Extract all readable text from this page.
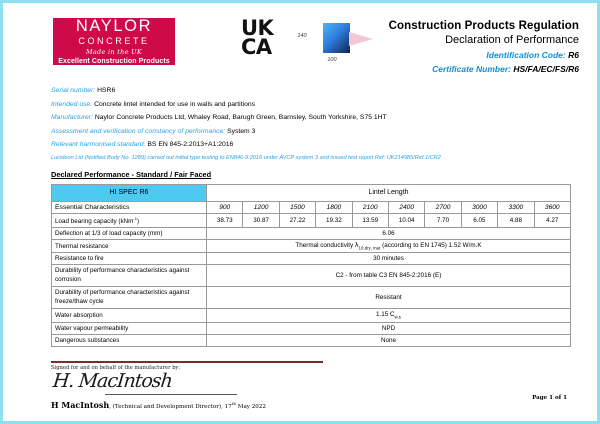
NAYLOR
CONCRETE
Made in the UK
Excellent Construction Products
UK
CA	140
100
Construction Products Regulation
Declaration of Performance
Identification Code: R6
Certificate Number: HS/FA/EC/FS/R6
Serial number: HSR6
Intended use: Concrete lintel intended for use in walls and partitions
Manufacturer: Naylor Concrete Products Ltd, Whaley Road, Barugh Green, Barnsley, South Yorkshire, S75 1HT
Assessment and verification of constancy of performance: System 3
Relevant harmonised standard: BS EN 845-2:2013+A1:2016
Lucideon Ltd (Notified Body No. 1289) carried out initial type testing to EN846-9:2016 under AVCP system 3 and issued test report Ref: UK214985/Ref.1/CR2
Declared Performance - Standard / Fair Faced
HI SPEC R6	Lintel Length									
Essential Characteristics	900	1200	1500	1800	2100	2400	2700	3000	3300	3600
Load bearing capacity (kNm$^{-1}$)	38.73	30.87	27.22	19.32	13.59	10.04	7.70	6.05	4.88	4.27
Deflection at 1/3 of load capacity (mm)	6.06									
Thermal resistance	Thermal conductivity $\lambda_{10,dry, mat}$ (according to EN 1745) 1.52 W/m.K									
Resistance to fire	30 minutes									
Durability of performance characteristics against corrosion	C2 - from table C3 EN 845-2:2016 (E)									
Durability of performance characteristics against freeze/thaw cycle	Resistant									
Water absorption	1.15 $C_{w,s}$
Water vapour permeability	NPD									
Dangerous substances	None									
Signed for and on behalf of the manufacturer by:
H. MacIntosh
H MacIntosh, (Technical and Development Director), 17th May 2022
Page 1 of 1
